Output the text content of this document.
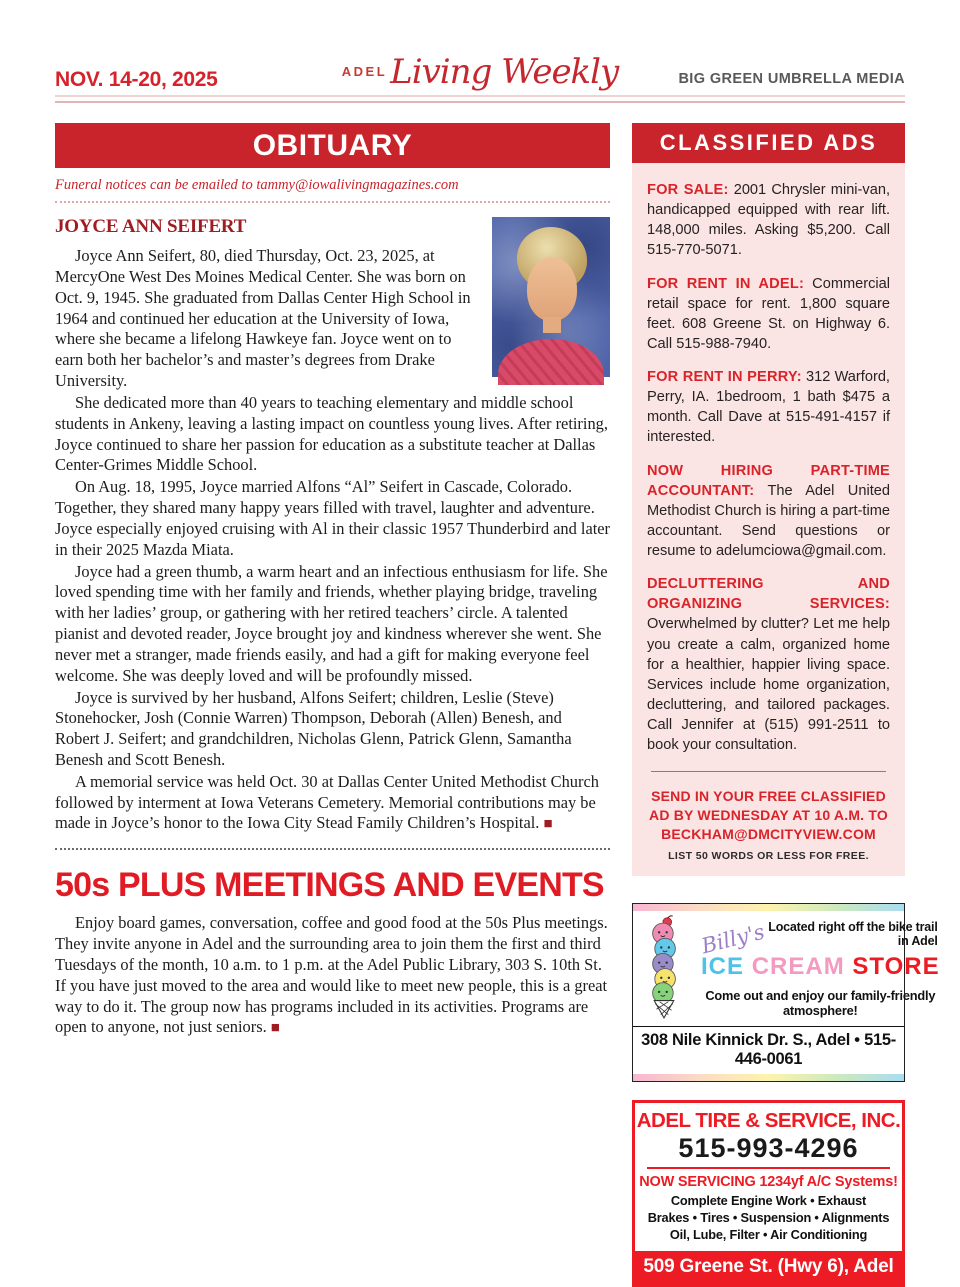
NOV. 14-20, 2025	$^{ADEL}$Living Weekly	BIG GREEN UMBRELLA MEDIA
OBITUARY
Funeral notices can be emailed to tammy@iowalivingmagazines.com
JOYCE ANN SEIFERT

Joyce Ann Seifert, 80, died Thursday, Oct. 23, 2025, at MercyOne West Des Moines Medical Center. She was born on Oct. 9, 1945. She graduated from Dallas Center High School in 1964 and continued her education at the University of Iowa, where she became a lifelong Hawkeye fan. Joyce went on to earn both her bachelor’s and master’s degrees from Drake University.

She dedicated more than 40 years to teaching elementary and middle school students in Ankeny, leaving a lasting impact on countless young lives. After retiring, Joyce continued to share her passion for education as a substitute teacher at Dallas Center-Grimes Middle School.

On Aug. 18, 1995, Joyce married Alfons “Al” Seifert in Cascade, Colorado. Together, they shared many happy years filled with travel, laughter and adventure. Joyce especially enjoyed cruising with Al in their classic 1957 Thunderbird and later in their 2025 Mazda Miata.

Joyce had a green thumb, a warm heart and an infectious enthusiasm for life. She loved spending time with her family and friends, whether playing bridge, traveling with her ladies’ group, or gathering with her retired teachers’ circle. A talented pianist and devoted reader, Joyce brought joy and kindness wherever she went. She never met a stranger, made friends easily, and had a gift for making everyone feel welcome. She was deeply loved and will be profoundly missed.

Joyce is survived by her husband, Alfons Seifert; children, Leslie (Steve) Stonehocker, Josh (Connie Warren) Thompson, Deborah (Allen) Benesh, and Robert J. Seifert; and grandchildren, Nicholas Glenn, Patrick Glenn, Samantha Benesh and Scott Benesh.

A memorial service was held Oct. 30 at Dallas Center United Methodist Church followed by interment at Iowa Veterans Cemetery. Memorial contributions may be made in Joyce’s honor to the Iowa City Stead Family Children’s Hospital. ■

50s PLUS MEETINGS AND EVENTS

Enjoy board games, conversation, coffee and good food at the 50s Plus meetings. They invite anyone in Adel and the surrounding area to join them the first and third Tuesdays of the month, 10 a.m. to 1 p.m. at the Adel Public Library, 303 S. 10th St. If you have just moved to the area and would like to meet new people, this is a great way to do it. The group now has programs included in its activities. Programs are open to anyone, not just seniors. ■

CLASSIFIED ADS

FOR SALE: 2001 Chrysler mini-van, handicapped equipped with rear lift. 148,000 miles. Asking $5,200. Call 515-770-5071.

FOR RENT IN ADEL: Commercial retail space for rent. 1,800 square feet. 608 Greene St. on Highway 6. Call 515-988-7940.

FOR RENT IN PERRY: 312 Warford, Perry, IA. 1bedroom, 1 bath $475 a month. Call Dave at 515-491-4157 if interested.

NOW HIRING PART-TIME ACCOUNTANT: The Adel United Methodist Church is hiring a part-time accountant. Send questions or resume to adelumciowa@gmail.com.

DECLUTTERING AND ORGANIZING SERVICES: Overwhelmed by clutter? Let me help you create a calm, organized home for a healthier, happier living space. Services include home organization, decluttering, and tailored packages. Call Jennifer at (515) 991-2511 to book your consultation.

SEND IN YOUR FREE CLASSIFIED AD BY WEDNESDAY AT 10 A.M. TO BECKHAM@DMCITYVIEW.COM
LIST 50 WORDS OR LESS FOR FREE.
Billy's Located right off the bike trail in Adel
ICE CREAM STORE
Come out and enjoy our family-friendly atmosphere!
308 Nile Kinnick Dr. S., Adel • 515-446-0061
ADEL TIRE & SERVICE, INC.
515-993-4296
NOW SERVICING 1234yf A/C Systems!
Complete Engine Work • Exhaust
Brakes • Tires • Suspension • Alignments
Oil, Lube, Filter • Air Conditioning
509 Greene St. (Hwy 6), Adel
